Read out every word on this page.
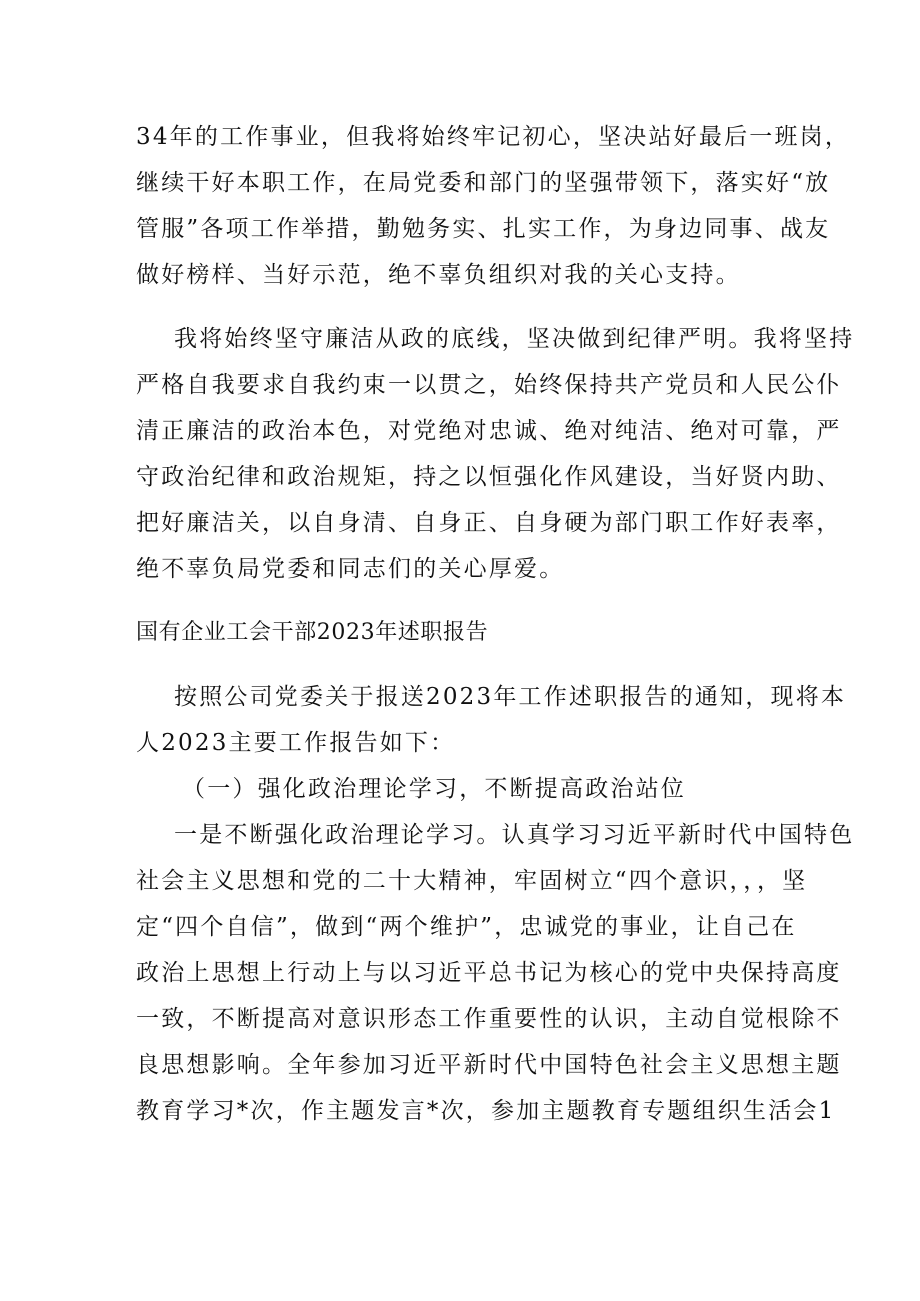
34年的工作事业，但我将始终牢记初心，坚决站好最后一班岗，
继续干好本职工作，在局党委和部门的坚强带领下，落实好“放
管服”各项工作举措，勤勉务实、扎实工作，为身边同事、战友
做好榜样、当好示范，绝不辜负组织对我的关心支持。
我将始终坚守廉洁从政的底线，坚决做到纪律严明。我将坚持
严格自我要求自我约束一以贯之，始终保持共产党员和人民公仆
清正廉洁的政治本色，对党绝对忠诚、绝对纯洁、绝对可靠，严
守政治纪律和政治规矩，持之以恒强化作风建设，当好贤内助、
把好廉洁关，以自身清、自身正、自身硬为部门职工作好表率，
绝不辜负局党委和同志们的关心厚爱。
国有企业工会干部2023年述职报告
按照公司党委关于报送2023年工作述职报告的通知，现将本
人2023主要工作报告如下：
（一）强化政治理论学习，不断提高政治站位
一是不断强化政治理论学习。认真学习习近平新时代中国特色
社会主义思想和党的二十大精神，牢固树立“四个意识，，，坚
定“四个自信”，做到“两个维护”，忠诚党的事业，让自己在
政治上思想上行动上与以习近平总书记为核心的党中央保持高度
一致，不断提高对意识形态工作重要性的认识，主动自觉根除不
良思想影响。全年参加习近平新时代中国特色社会主义思想主题
教育学习*次，作主题发言*次，参加主题教育专题组织生活会1
